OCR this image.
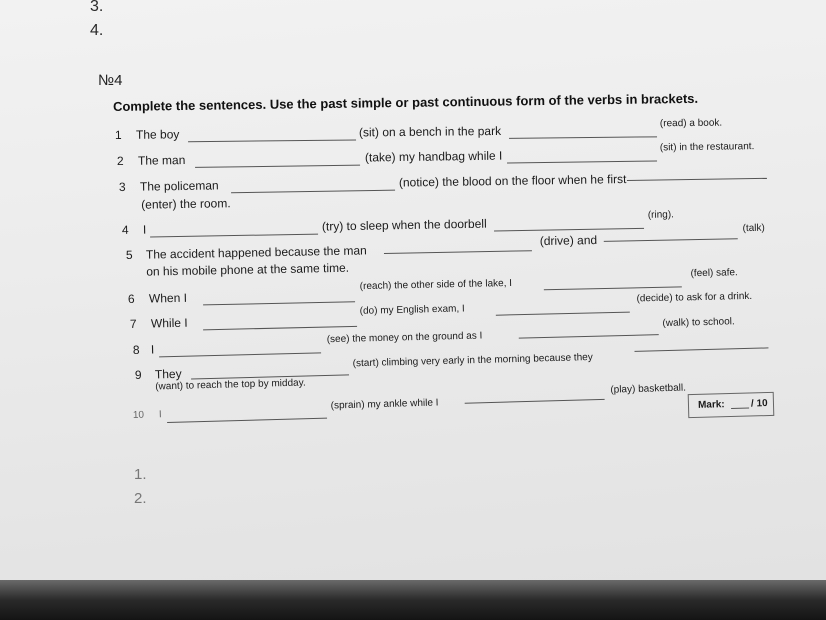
3.
4.
№4
Complete the sentences. Use the past simple or past continuous form of the verbs in brackets.
1 The boy	(sit) on a bench in the park
(read) a book.
2 The man	(take) my handbag while I
(sit) in the restaurant.
3 The policeman	(notice) the blood on the floor when he first
(enter) the room.
4 I	(try) to sleep when the doorbell
(ring).
5 The accident happened because the man
(drive) and
(talk)
on his mobile phone at the same time.
6 When I
(reach) the other side of the lake, I
(feel) safe.
7 While I
(do) my English exam, I
(decide) to ask for a drink.
8 I
(see) the money on the ground as I
(walk) to school.
9 They
(start) climbing very early in the morning because they
(want) to reach the top by midday.
10 I
(sprain) my ankle while I
(play) basketball.
Mark:	/ 10
1.
2.
